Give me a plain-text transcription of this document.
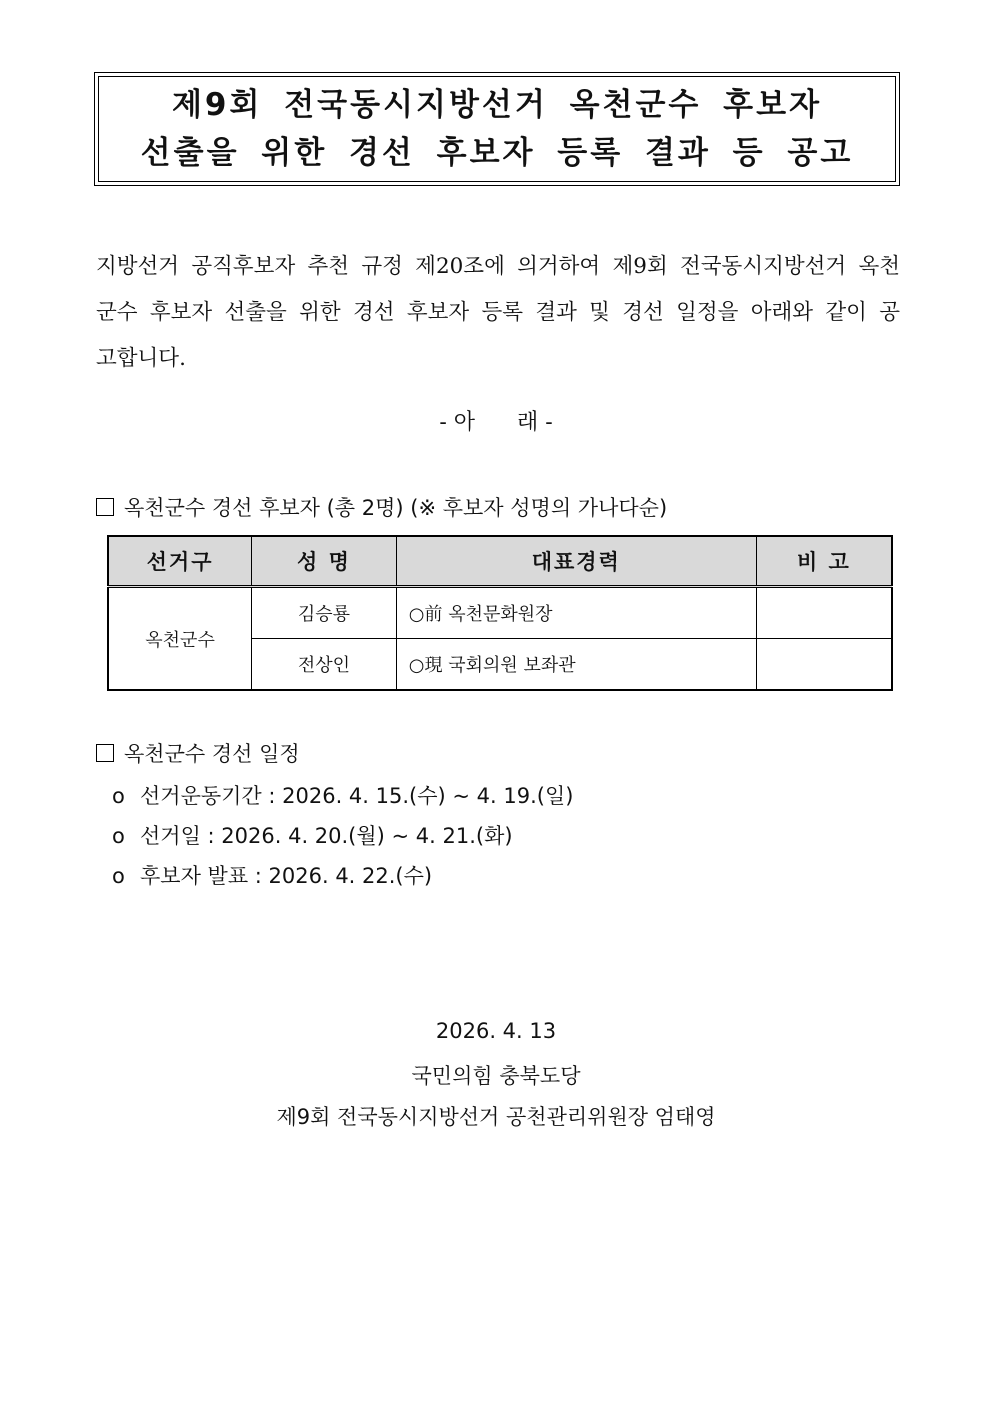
제9회 전국동시지방선거 옥천군수 후보자
선출을 위한 경선 후보자 등록 결과 등 공고
지방선거 공직후보자 추천 규정 제20조에 의거하여 제9회 전국동시지방선거 옥천군수 후보자 선출을 위한 경선 후보자 등록 결과 및 경선 일정을 아래와 같이 공고합니다.
- 아      래 -
옥천군수 경선 후보자 (총 2명) (※ 후보자 성명의 가나다순)
선거구	성 명	대표경력	비 고
옥천군수	김승룡	○前 옥천문화원장	
	전상인	○現 국회의원 보좌관	
옥천군수 경선 일정
o 선거운동기간 : 2026. 4. 15.(수) ~ 4. 19.(일)
o 선거일 : 2026. 4. 20.(월) ~ 4. 21.(화)
o 후보자 발표 : 2026. 4. 22.(수)
2026. 4. 13
국민의힘 충북도당
제9회 전국동시지방선거 공천관리위원장 엄태영
